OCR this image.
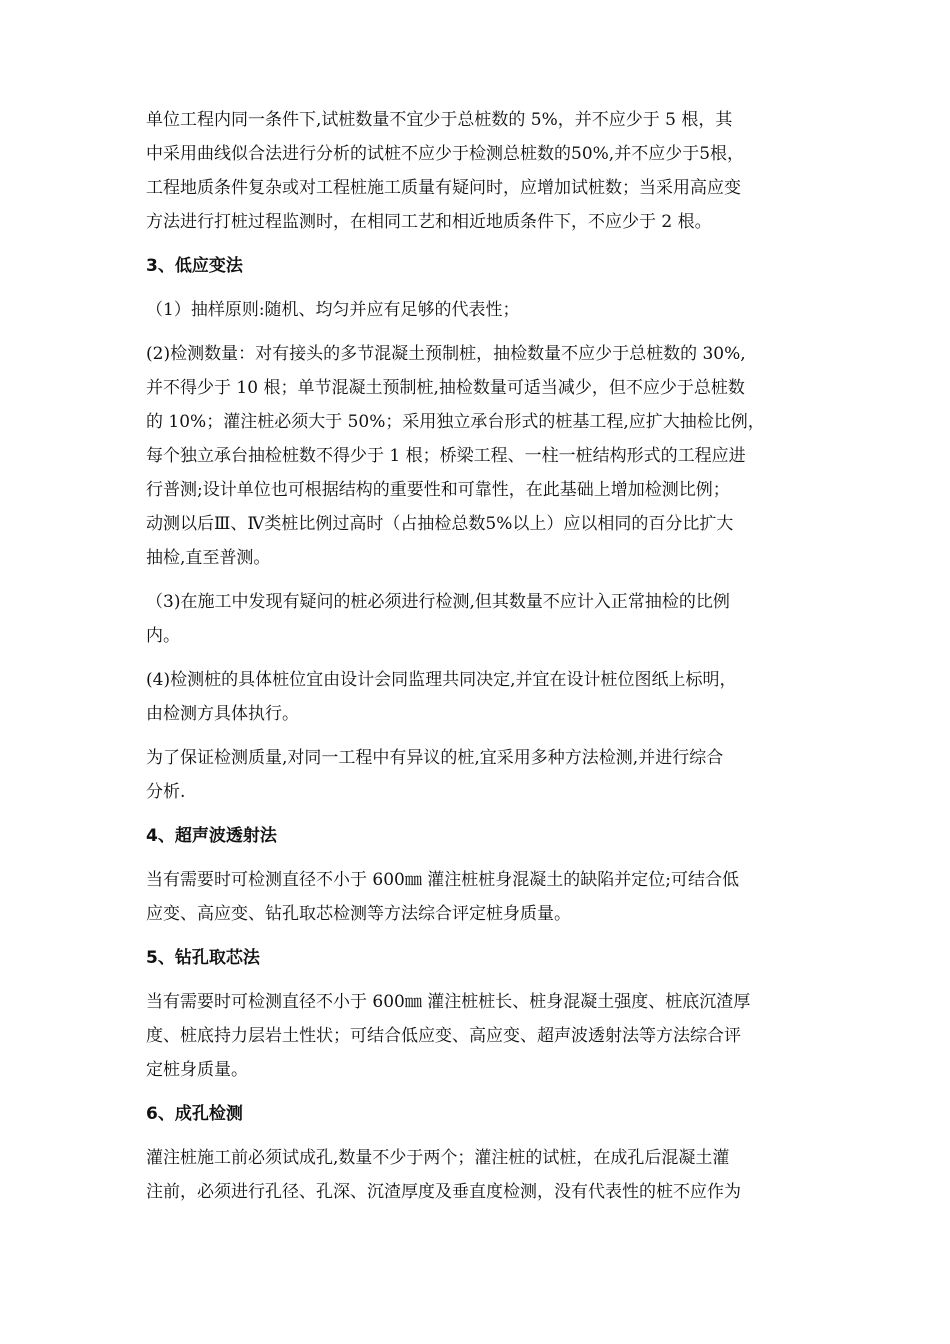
单位工程内同一条件下,试桩数量不宜少于总桩数的 5%，并不应少于 5 根，其
中采用曲线似合法进行分析的试桩不应少于检测总桩数的50%,并不应少于5根，
工程地质条件复杂或对工程桩施工质量有疑问时，应增加试桩数；当采用高应变
方法进行打桩过程监测时，在相同工艺和相近地质条件下，不应少于 2 根。
3、低应变法
（1）抽样原则:随机、均匀并应有足够的代表性；
(2)检测数量：对有接头的多节混凝土预制桩，抽检数量不应少于总桩数的 30%,
并不得少于 10 根；单节混凝土预制桩,抽检数量可适当减少，但不应少于总桩数
的 10%；灌注桩必须大于 50%；采用独立承台形式的桩基工程,应扩大抽检比例，
每个独立承台抽检桩数不得少于 1 根；桥梁工程、一柱一桩结构形式的工程应进
行普测;设计单位也可根据结构的重要性和可靠性，在此基础上增加检测比例；
动测以后Ⅲ、Ⅳ类桩比例过高时（占抽检总数5%以上）应以相同的百分比扩大
抽检,直至普测。
（3)在施工中发现有疑问的桩必须进行检测,但其数量不应计入正常抽检的比例
内。
(4)检测桩的具体桩位宜由设计会同监理共同决定,并宜在设计桩位图纸上标明，
由检测方具体执行。
为了保证检测质量,对同一工程中有异议的桩,宜采用多种方法检测,并进行综合
分析.
4、超声波透射法
当有需要时可检测直径不小于 600㎜ 灌注桩桩身混凝土的缺陷并定位;可结合低
应变、高应变、钻孔取芯检测等方法综合评定桩身质量。
5、钻孔取芯法
当有需要时可检测直径不小于 600㎜ 灌注桩桩长、桩身混凝土强度、桩底沉渣厚
度、桩底持力层岩土性状；可结合低应变、高应变、超声波透射法等方法综合评
定桩身质量。
6、成孔检测
灌注桩施工前必须试成孔,数量不少于两个；灌注桩的试桩，在成孔后混凝土灌
注前，必须进行孔径、孔深、沉渣厚度及垂直度检测，没有代表性的桩不应作为
